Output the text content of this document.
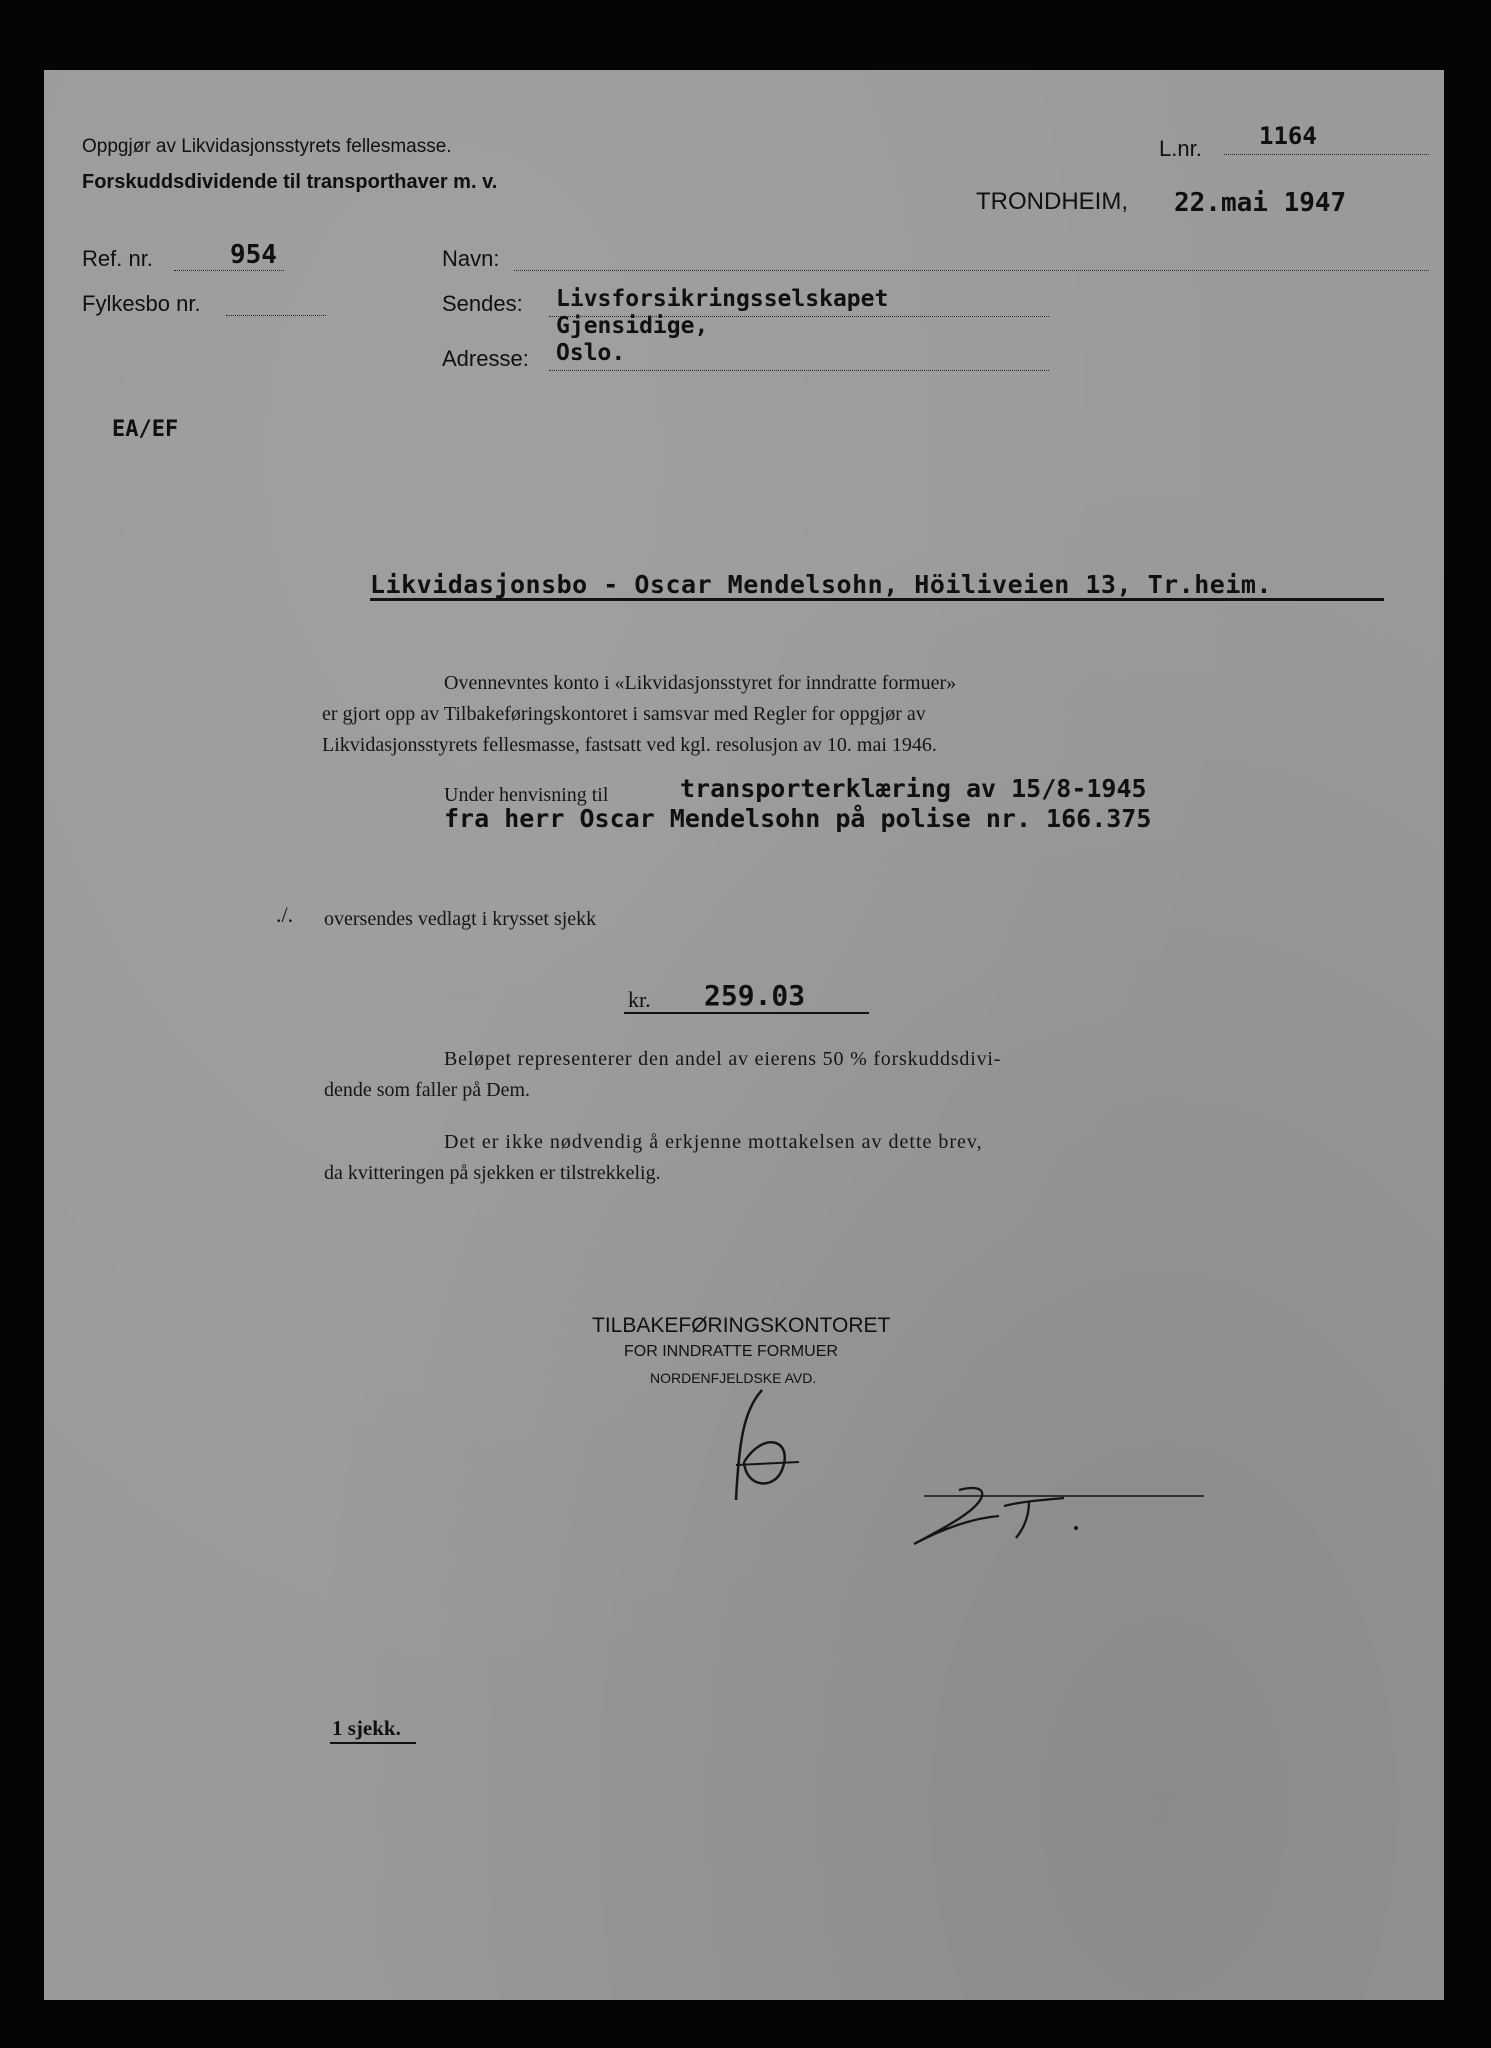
Oppgjør av Likvidasjonsstyrets fellesmasse.
Forskuddsdividende til transporthaver m. v.
L.nr. 1164
TRONDHEIM, 22.mai 1947
Ref. nr.	954
Fylkesbo nr.
Navn:
Sendes:
Adresse:
Livsforsikringsselskapet
Gjensidige,
Oslo.
EA/EF
Likvidasjonsbo - Oscar Mendelsohn, Höiliveien 13, Tr.heim.
Ovennevntes konto i «Likvidasjonsstyret for inndratte formuer»
er gjort opp av Tilbakeføringskontoret i samsvar med Regler for oppgjør av
Likvidasjonsstyrets fellesmasse, fastsatt ved kgl. resolusjon av 10. mai 1946.
Under henvisning til	transporterklæring av 15/8-1945
fra herr Oscar Mendelsohn på polise nr. 166.375
./. oversendes vedlagt i krysset sjekk
kr. 259.03
Beløpet representerer den andel av eierens 50 % forskuddsdivi-
dende som faller på Dem.
Det er ikke nødvendig å erkjenne mottakelsen av dette brev,
da kvitteringen på sjekken er tilstrekkelig.
TILBAKEFØRINGSKONTORET
FOR INNDRATTE FORMUER
NORDENFJELDSKE AVD.
1 sjekk.
